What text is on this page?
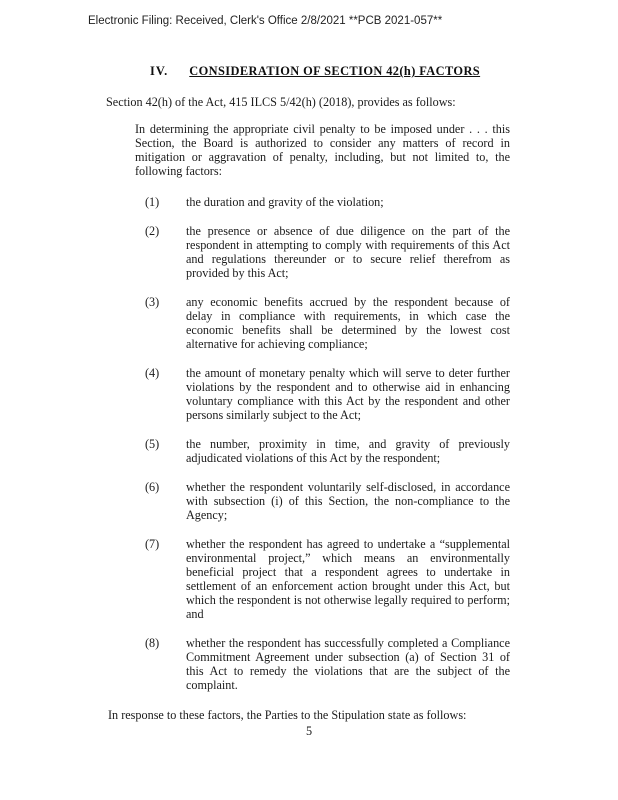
Electronic Filing: Received, Clerk's Office 2/8/2021 **PCB 2021-057**
IV. CONSIDERATION OF SECTION 42(h) FACTORS

Section 42(h) of the Act, 415 ILCS 5/42(h) (2018), provides as follows:

In determining the appropriate civil penalty to be imposed under . . . this Section, the Board is authorized to consider any matters of record in mitigation or aggravation of penalty, including, but not limited to, the following factors:
(1)	the duration and gravity of the violation;
(2)	the presence or absence of due diligence on the part of the respondent in attempting to comply with requirements of this Act and regulations thereunder or to secure relief therefrom as provided by this Act;
(3)	any economic benefits accrued by the respondent because of delay in compliance with requirements, in which case the economic benefits shall be determined by the lowest cost alternative for achieving compliance;
(4)	the amount of monetary penalty which will serve to deter further violations by the respondent and to otherwise aid in enhancing voluntary compliance with this Act by the respondent and other persons similarly subject to the Act;
(5)	the number, proximity in time, and gravity of previously adjudicated violations of this Act by the respondent;
(6)	whether the respondent voluntarily self-disclosed, in accordance with subsection (i) of this Section, the non-compliance to the Agency;
(7)	whether the respondent has agreed to undertake a “supplemental environmental project,” which means an environmentally beneficial project that a respondent agrees to undertake in settlement of an enforcement action brought under this Act, but which the respondent is not otherwise legally required to perform; and
(8)	whether the respondent has successfully completed a Compliance Commitment Agreement under subsection (a) of Section 31 of this Act to remedy the violations that are the subject of the complaint.

In response to these factors, the Parties to the Stipulation state as follows:

5
